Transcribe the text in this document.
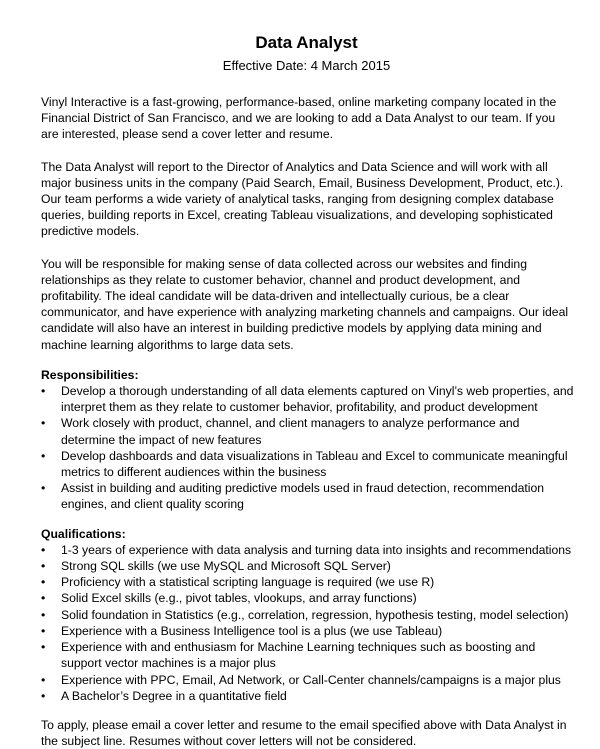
Data Analyst

Effective Date: 4 March 2015

Vinyl Interactive is a fast-growing, performance-based, online marketing company located in the Financial District of San Francisco, and we are looking to add a Data Analyst to our team. If you are interested, please send a cover letter and resume.

The Data Analyst will report to the Director of Analytics and Data Science and will work with all major business units in the company (Paid Search, Email, Business Development, Product, etc.). Our team performs a wide variety of analytical tasks, ranging from designing complex database queries, building reports in Excel, creating Tableau visualizations, and developing sophisticated predictive models.

You will be responsible for making sense of data collected across our websites and finding relationships as they relate to customer behavior, channel and product development, and profitability. The ideal candidate will be data-driven and intellectually curious, be a clear communicator, and have experience with analyzing marketing channels and campaigns. Our ideal candidate will also have an interest in building predictive models by applying data mining and machine learning algorithms to large data sets.

Responsibilities:

• Develop a thorough understanding of all data elements captured on Vinyl’s web properties, and interpret them as they relate to customer behavior, profitability, and product development
• Work closely with product, channel, and client managers to analyze performance and determine the impact of new features
• Develop dashboards and data visualizations in Tableau and Excel to communicate meaningful metrics to different audiences within the business
• Assist in building and auditing predictive models used in fraud detection, recommendation engines, and client quality scoring

Qualifications:

• 1-3 years of experience with data analysis and turning data into insights and recommendations
• Strong SQL skills (we use MySQL and Microsoft SQL Server)
• Proficiency with a statistical scripting language is required (we use R)
• Solid Excel skills (e.g., pivot tables, vlookups, and array functions)
• Solid foundation in Statistics (e.g., correlation, regression, hypothesis testing, model selection)
• Experience with a Business Intelligence tool is a plus (we use Tableau)
• Experience with and enthusiasm for Machine Learning techniques such as boosting and support vector machines is a major plus
• Experience with PPC, Email, Ad Network, or Call-Center channels/campaigns is a major plus
• A Bachelor’s Degree in a quantitative field

To apply, please email a cover letter and resume to the email specified above with Data Analyst in the subject line. Resumes without cover letters will not be considered.
